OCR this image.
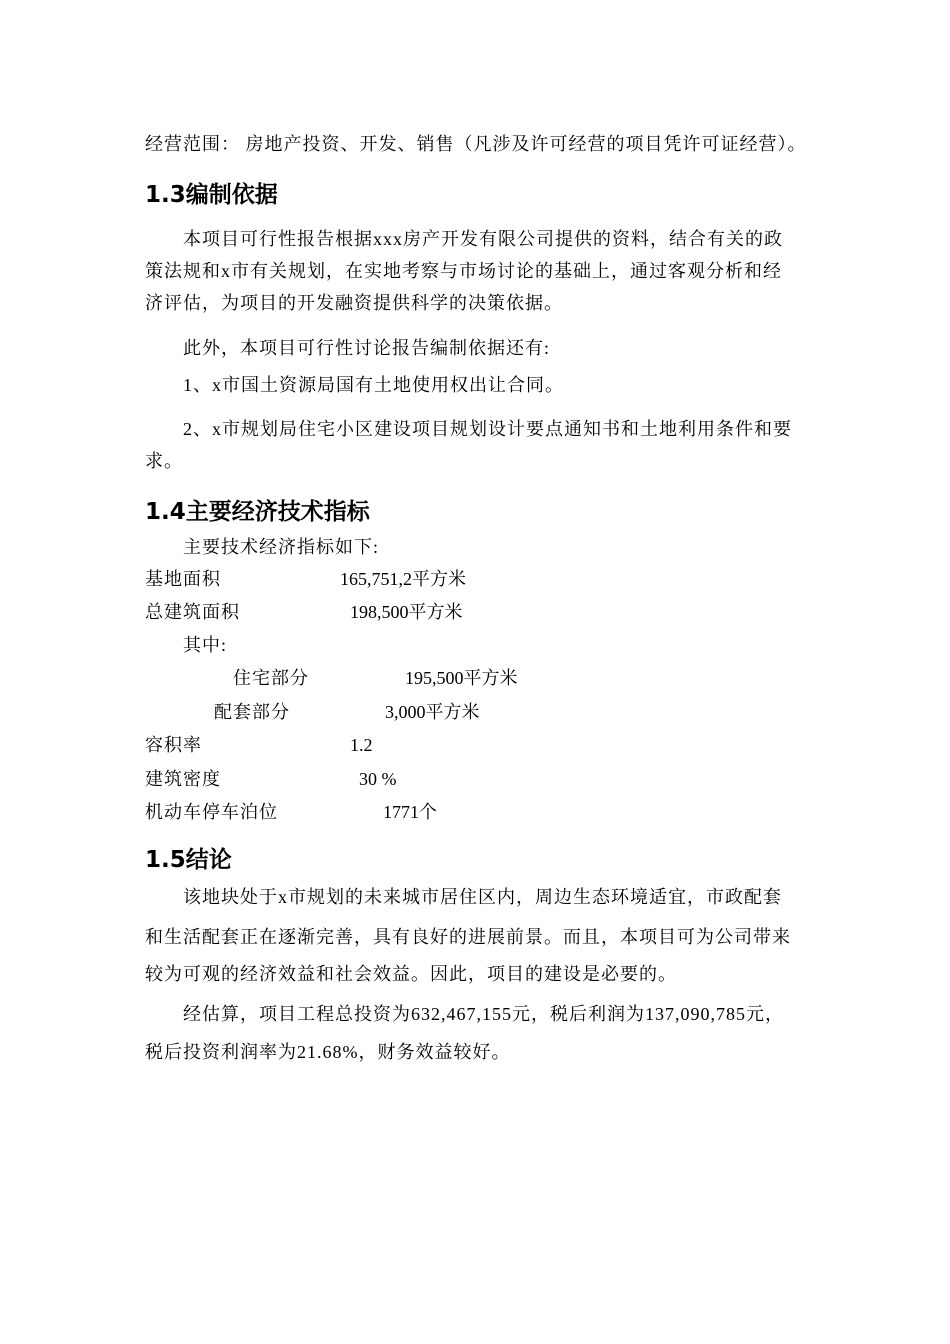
经营范围： 房地产投资、开发、销售（凡涉及许可经营的项目凭许可证经营）。
1.3编制依据
本项目可行性报告根据xxx房产开发有限公司提供的资料，结合有关的政
策法规和x市有关规划，在实地考察与市场讨论的基础上，通过客观分析和经
济评估，为项目的开发融资提供科学的决策依据。
此外，本项目可行性讨论报告编制依据还有:
1、x市国土资源局国有土地使用权出让合同。
2、x市规划局住宅小区建设项目规划设计要点通知书和土地利用条件和要
求。
1.4主要经济技术指标
主要技术经济指标如下:
基地面积	165,751,2平方米
总建筑面积	198,500平方米
其中:
住宅部分	195,500平方米
配套部分	3,000平方米
容积率	1.2
建筑密度	30 %
机动车停车泊位	1771个
1.5结论
该地块处于x市规划的未来城市居住区内，周边生态环境适宜，市政配套
和生活配套正在逐渐完善，具有良好的进展前景。而且，本项目可为公司带来
较为可观的经济效益和社会效益。因此，项目的建设是必要的。
经估算，项目工程总投资为632,467,155元，税后利润为137,090,785元，
税后投资利润率为21.68%，财务效益较好。
